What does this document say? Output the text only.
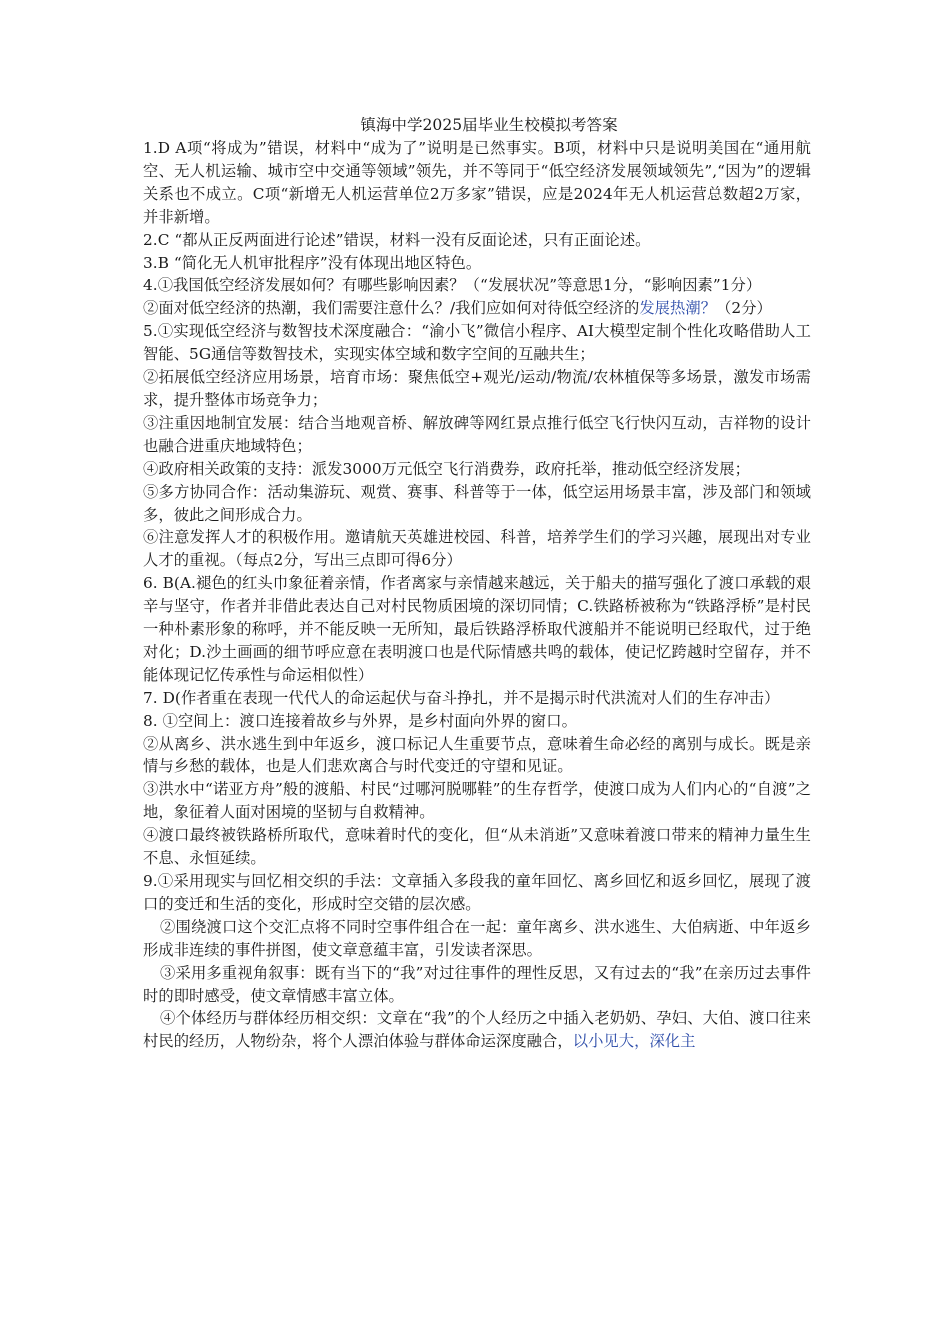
镇海中学2025届毕业生校模拟考答案

1.D A项“将成为”错误，材料中“成为了”说明是已然事实。B项，材料中只是说明美国在“通用航空、无人机运输、城市空中交通等领域”领先，并不等同于“低空经济发展领域领先”,“因为”的逻辑关系也不成立。C项“新增无人机运营单位2万多家”错误，应是2024年无人机运营总数超2万家，并非新增。

2.C “都从正反两面进行论述”错误，材料一没有反面论述，只有正面论述。

3.B “简化无人机审批程序”没有体现出地区特色。

4.①我国低空经济发展如何？有哪些影响因素？（“发展状况”等意思1分，“影响因素”1分）

②面对低空经济的热潮，我们需要注意什么？/我们应如何对待低空经济的发展热潮？（2分）

5.①实现低空经济与数智技术深度融合：“渝小飞”微信小程序、AI大模型定制个性化攻略借助人工智能、5G通信等数智技术，实现实体空域和数字空间的互融共生；

②拓展低空经济应用场景，培育市场：聚焦低空+观光/运动/物流/农林植保等多场景，激发市场需求，提升整体市场竞争力；

③注重因地制宜发展：结合当地观音桥、解放碑等网红景点推行低空飞行快闪互动，吉祥物的设计也融合进重庆地域特色；

④政府相关政策的支持：派发3000万元低空飞行消费券，政府托举，推动低空经济发展；

⑤多方协同合作：活动集游玩、观赏、赛事、科普等于一体，低空运用场景丰富，涉及部门和领域多，彼此之间形成合力。

⑥注意发挥人才的积极作用。邀请航天英雄进校园、科普，培养学生们的学习兴趣，展现出对专业人才的重视。（每点2分，写出三点即可得6分）

6. B(A.褪色的红头巾象征着亲情，作者离家与亲情越来越远，关于船夫的描写强化了渡口承载的艰辛与坚守，作者并非借此表达自己对村民物质困境的深切同情；C.铁路桥被称为“铁路浮桥”是村民一种朴素形象的称呼，并不能反映一无所知，最后铁路浮桥取代渡船并不能说明已经取代，过于绝对化；D.沙土画画的细节呼应意在表明渡口也是代际情感共鸣的载体，使记忆跨越时空留存，并不能体现记忆传承性与命运相似性）

7. D(作者重在表现一代代人的命运起伏与奋斗挣扎，并不是揭示时代洪流对人们的生存冲击）

8. ①空间上：渡口连接着故乡与外界，是乡村面向外界的窗口。

②从离乡、洪水逃生到中年返乡，渡口标记人生重要节点，意味着生命必经的离别与成长。既是亲情与乡愁的载体，也是人们悲欢离合与时代变迁的守望和见证。

③洪水中“诺亚方舟”般的渡船、村民“过哪河脱哪鞋”的生存哲学，使渡口成为人们内心的“自渡”之地，象征着人面对困境的坚韧与自救精神。

④渡口最终被铁路桥所取代，意味着时代的变化，但“从未消逝”又意味着渡口带来的精神力量生生不息、永恒延续。

9.①采用现实与回忆相交织的手法：文章插入多段我的童年回忆、离乡回忆和返乡回忆，展现了渡口的变迁和生活的变化，形成时空交错的层次感。

②围绕渡口这个交汇点将不同时空事件组合在一起：童年离乡、洪水逃生、大伯病逝、中年返乡形成非连续的事件拼图，使文章意蕴丰富，引发读者深思。

③采用多重视角叙事：既有当下的“我”对过往事件的理性反思，又有过去的“我”在亲历过去事件时的即时感受，使文章情感丰富立体。

④个体经历与群体经历相交织：文章在“我”的个人经历之中插入老奶奶、孕妇、大伯、渡口往来村民的经历，人物纷杂，将个人漂泊体验与群体命运深度融合，以小见大，深化主
